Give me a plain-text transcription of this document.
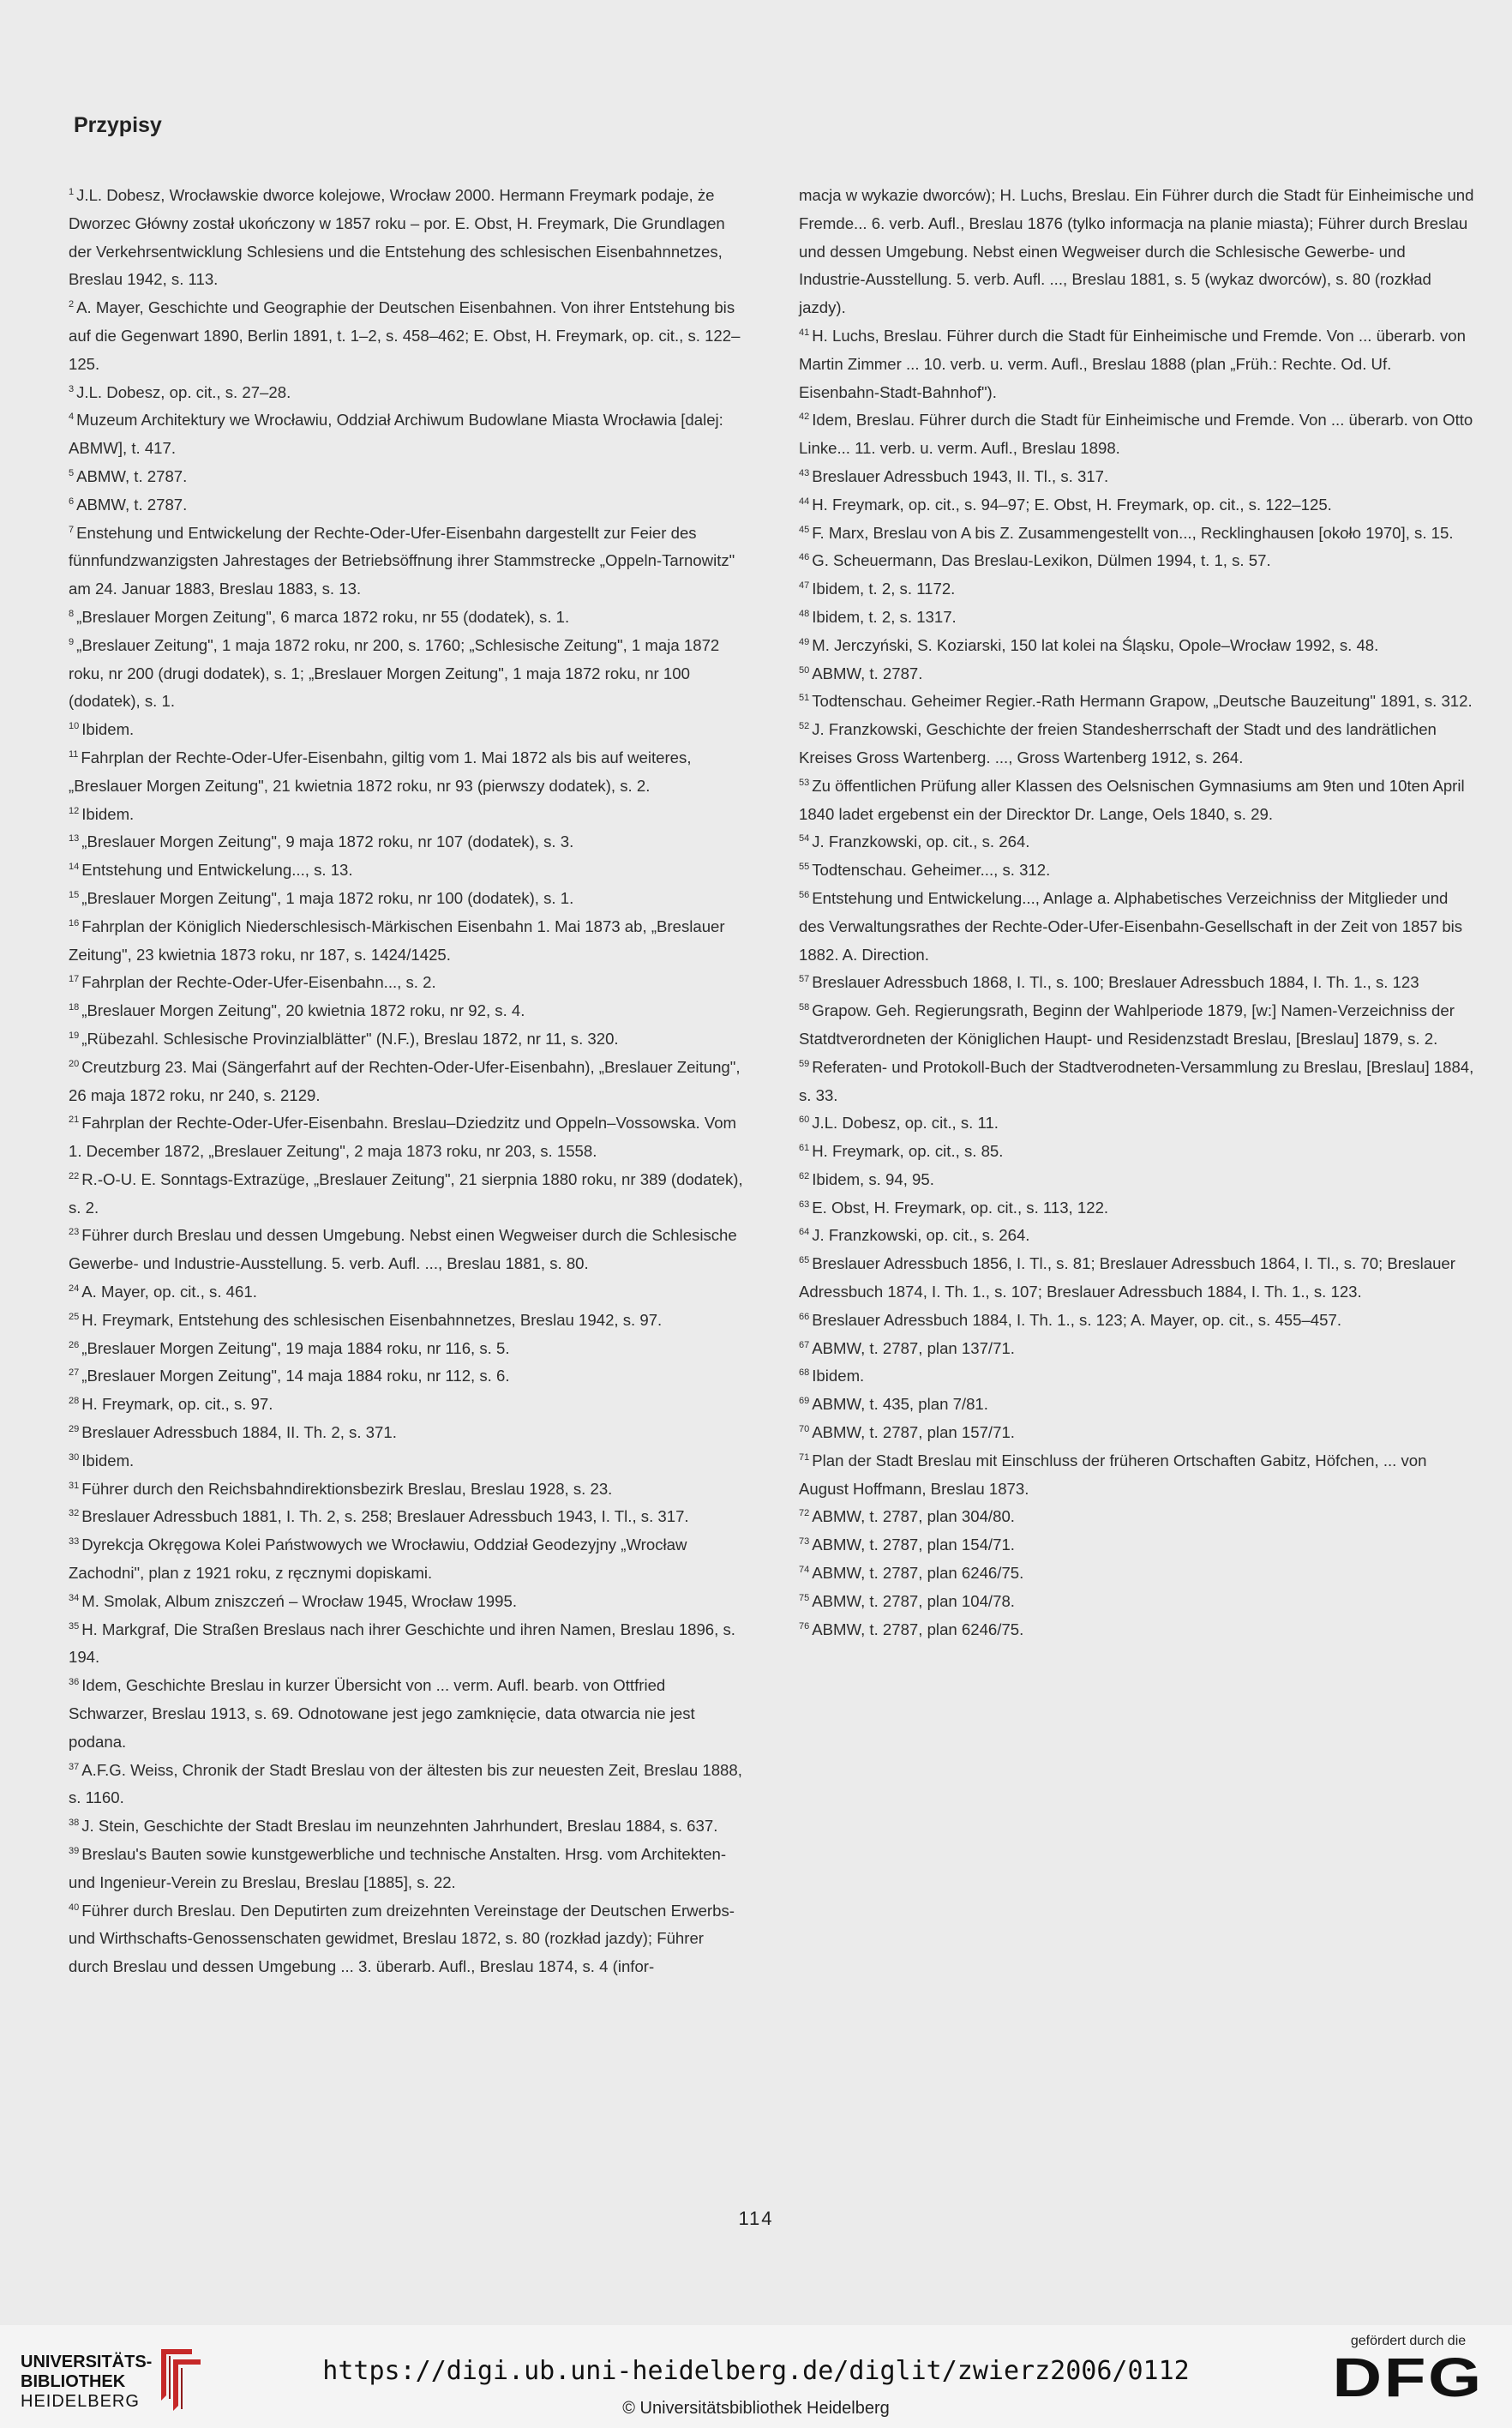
Przypisy

$^1$ J.L. Dobesz, Wrocławskie dworce kolejowe, Wrocław 2000. Hermann Freymark podaje, że Dworzec Główny został ukończony w 1857 roku – por. E. Obst, H. Freymark, Die Grundlagen der Verkehrsentwicklung Schlesiens und die Entstehung des schlesischen Eisenbahnnetzes, Breslau 1942, s. 113.

$^2$ A. Mayer, Geschichte und Geographie der Deutschen Eisenbahnen. Von ihrer Entstehung bis auf die Gegenwart 1890, Berlin 1891, t. 1–2, s. 458–462; E. Obst, H. Freymark, op. cit., s. 122–125.

$^3$ J.L. Dobesz, op. cit., s. 27–28.

$^4$ Muzeum Architektury we Wrocławiu, Oddział Archiwum Budowlane Miasta Wrocławia [dalej: ABMW], t. 417.

$^5$ ABMW, t. 2787.

$^6$ ABMW, t. 2787.

$^7$ Enstehung und Entwickelung der Rechte-Oder-Ufer-Eisenbahn dargestellt zur Feier des fünnfundzwanzigsten Jahrestages der Betriebsöffnung ihrer Stammstrecke „Oppeln-Tarnowitz" am 24. Januar 1883, Breslau 1883, s. 13.

$^8$ „Breslauer Morgen Zeitung", 6 marca 1872 roku, nr 55 (dodatek), s. 1.

$^9$ „Breslauer Zeitung", 1 maja 1872 roku, nr 200, s. 1760; „Schlesische Zeitung", 1 maja 1872 roku, nr 200 (drugi dodatek), s. 1; „Breslauer Morgen Zeitung", 1 maja 1872 roku, nr 100 (dodatek), s. 1.

$^{10}$ Ibidem.

$^{11}$ Fahrplan der Rechte-Oder-Ufer-Eisenbahn, giltig vom 1. Mai 1872 als bis auf weiteres, „Breslauer Morgen Zeitung", 21 kwietnia 1872 roku, nr 93 (pierwszy dodatek), s. 2.

$^{12}$ Ibidem.

$^{13}$ „Breslauer Morgen Zeitung", 9 maja 1872 roku, nr 107 (dodatek), s. 3.

$^{14}$ Entstehung und Entwickelung..., s. 13.

$^{15}$ „Breslauer Morgen Zeitung", 1 maja 1872 roku, nr 100 (dodatek), s. 1.

$^{16}$ Fahrplan der Königlich Niederschlesisch-Märkischen Eisenbahn 1. Mai 1873 ab, „Breslauer Zeitung", 23 kwietnia 1873 roku, nr 187, s. 1424/1425.

$^{17}$ Fahrplan der Rechte-Oder-Ufer-Eisenbahn..., s. 2.

$^{18}$ „Breslauer Morgen Zeitung", 20 kwietnia 1872 roku, nr 92, s. 4.

$^{19}$ „Rübezahl. Schlesische Provinzialblätter" (N.F.), Breslau 1872, nr 11, s. 320.

$^{20}$ Creutzburg 23. Mai (Sängerfahrt auf der Rechten-Oder-Ufer-Eisenbahn), „Breslauer Zeitung", 26 maja 1872 roku, nr 240, s. 2129.

$^{21}$ Fahrplan der Rechte-Oder-Ufer-Eisenbahn. Breslau–Dziedzitz und Oppeln–Vossowska. Vom 1. December 1872, „Breslauer Zeitung", 2 maja 1873 roku, nr 203, s. 1558.

$^{22}$ R.-O-U. E. Sonntags-Extrazüge, „Breslauer Zeitung", 21 sierpnia 1880 roku, nr 389 (dodatek), s. 2.

$^{23}$ Führer durch Breslau und dessen Umgebung. Nebst einen Wegweiser durch die Schlesische Gewerbe- und Industrie-Ausstellung. 5. verb. Aufl. ..., Breslau 1881, s. 80.

$^{24}$ A. Mayer, op. cit., s. 461.

$^{25}$ H. Freymark, Entstehung des schlesischen Eisenbahnnetzes, Breslau 1942, s. 97.

$^{26}$ „Breslauer Morgen Zeitung", 19 maja 1884 roku, nr 116, s. 5.

$^{27}$ „Breslauer Morgen Zeitung", 14 maja 1884 roku, nr 112, s. 6.

$^{28}$ H. Freymark, op. cit., s. 97.

$^{29}$ Breslauer Adressbuch 1884, II. Th. 2, s. 371.

$^{30}$ Ibidem.

$^{31}$ Führer durch den Reichsbahndirektionsbezirk Breslau, Breslau 1928, s. 23.

$^{32}$ Breslauer Adressbuch 1881, I. Th. 2, s. 258; Breslauer Adressbuch 1943, I. Tl., s. 317.

$^{33}$ Dyrekcja Okręgowa Kolei Państwowych we Wrocławiu, Oddział Geodezyjny „Wrocław Zachodni", plan z 1921 roku, z ręcznymi dopiskami.

$^{34}$ M. Smolak, Album zniszczeń – Wrocław 1945, Wrocław 1995.

$^{35}$ H. Markgraf, Die Straßen Breslaus nach ihrer Geschichte und ihren Namen, Breslau 1896, s. 194.

$^{36}$ Idem, Geschichte Breslau in kurzer Übersicht von ... verm. Aufl. bearb. von Ottfried Schwarzer, Breslau 1913, s. 69. Odnotowane jest jego zamknięcie, data otwarcia nie jest podana.

$^{37}$ A.F.G. Weiss, Chronik der Stadt Breslau von der ältesten bis zur neuesten Zeit, Breslau 1888, s. 1160.

$^{38}$ J. Stein, Geschichte der Stadt Breslau im neunzehnten Jahrhundert, Breslau 1884, s. 637.

$^{39}$ Breslau's Bauten sowie kunstgewerbliche und technische Anstalten. Hrsg. vom Architekten- und Ingenieur-Verein zu Breslau, Breslau [1885], s. 22.

$^{40}$ Führer durch Breslau. Den Deputirten zum dreizehnten Vereinstage der Deutschen Erwerbs- und Wirthschafts-Genossenschaten gewidmet, Breslau 1872, s. 80 (rozkład jazdy); Führer durch Breslau und dessen Umgebung ... 3. überarb. Aufl., Breslau 1874, s. 4 (infor-

macja w wykazie dworców); H. Luchs, Breslau. Ein Führer durch die Stadt für Einheimische und Fremde... 6. verb. Aufl., Breslau 1876 (tylko informacja na planie miasta); Führer durch Breslau und dessen Umgebung. Nebst einen Wegweiser durch die Schlesische Gewerbe- und Industrie-Ausstellung. 5. verb. Aufl. ..., Breslau 1881, s. 5 (wykaz dworców), s. 80 (rozkład jazdy).

$^{41}$ H. Luchs, Breslau. Führer durch die Stadt für Einheimische und Fremde. Von ... überarb. von Martin Zimmer ... 10. verb. u. verm. Aufl., Breslau 1888 (plan „Früh.: Rechte. Od. Uf. Eisenbahn-Stadt-Bahnhof").

$^{42}$ Idem, Breslau. Führer durch die Stadt für Einheimische und Fremde. Von ... überarb. von Otto Linke... 11. verb. u. verm. Aufl., Breslau 1898.

$^{43}$ Breslauer Adressbuch 1943, II. Tl., s. 317.

$^{44}$ H. Freymark, op. cit., s. 94–97; E. Obst, H. Freymark, op. cit., s. 122–125.

$^{45}$ F. Marx, Breslau von A bis Z. Zusammengestellt von..., Recklinghausen [około 1970], s. 15.

$^{46}$ G. Scheuermann, Das Breslau-Lexikon, Dülmen 1994, t. 1, s. 57.

$^{47}$ Ibidem, t. 2, s. 1172.

$^{48}$ Ibidem, t. 2, s. 1317.

$^{49}$ M. Jerczyński, S. Koziarski, 150 lat kolei na Śląsku, Opole–Wrocław 1992, s. 48.

$^{50}$ ABMW, t. 2787.

$^{51}$ Todtenschau. Geheimer Regier.-Rath Hermann Grapow, „Deutsche Bauzeitung" 1891, s. 312.

$^{52}$ J. Franzkowski, Geschichte der freien Standesherrschaft der Stadt und des landrätlichen Kreises Gross Wartenberg. ..., Gross Wartenberg 1912, s. 264.

$^{53}$ Zu öffentlichen Prüfung aller Klassen des Oelsnischen Gymnasiums am 9ten und 10ten April 1840 ladet ergebenst ein der Direcktor Dr. Lange, Oels 1840, s. 29.

$^{54}$ J. Franzkowski, op. cit., s. 264.

$^{55}$ Todtenschau. Geheimer..., s. 312.

$^{56}$ Entstehung und Entwickelung..., Anlage a. Alphabetisches Verzeichniss der Mitglieder und des Verwaltungsrathes der Rechte-Oder-Ufer-Eisenbahn-Gesellschaft in der Zeit von 1857 bis 1882. A. Direction.

$^{57}$ Breslauer Adressbuch 1868, I. Tl., s. 100; Breslauer Adressbuch 1884, I. Th. 1., s. 123

$^{58}$ Grapow. Geh. Regierungsrath, Beginn der Wahlperiode 1879, [w:] Namen-Verzeichniss der Statdtverordneten der Königlichen Haupt- und Residenzstadt Breslau, [Breslau] 1879, s. 2.

$^{59}$ Referaten- und Protokoll-Buch der Stadtverodneten-Versammlung zu Breslau, [Breslau] 1884, s. 33.

$^{60}$ J.L. Dobesz, op. cit., s. 11.

$^{61}$ H. Freymark, op. cit., s. 85.

$^{62}$ Ibidem, s. 94, 95.

$^{63}$ E. Obst, H. Freymark, op. cit., s. 113, 122.

$^{64}$ J. Franzkowski, op. cit., s. 264.

$^{65}$ Breslauer Adressbuch 1856, I. Tl., s. 81; Breslauer Adressbuch 1864, I. Tl., s. 70; Breslauer Adressbuch 1874, I. Th. 1., s. 107; Breslauer Adressbuch 1884, I. Th. 1., s. 123.

$^{66}$ Breslauer Adressbuch 1884, I. Th. 1., s. 123; A. Mayer, op. cit., s. 455–457.

$^{67}$ ABMW, t. 2787, plan 137/71.

$^{68}$ Ibidem.

$^{69}$ ABMW, t. 435, plan 7/81.

$^{70}$ ABMW, t. 2787, plan 157/71.

$^{71}$ Plan der Stadt Breslau mit Einschluss der früheren Ortschaften Gabitz, Höfchen, ... von August Hoffmann, Breslau 1873.

$^{72}$ ABMW, t. 2787, plan 304/80.

$^{73}$ ABMW, t. 2787, plan 154/71.

$^{74}$ ABMW, t. 2787, plan 6246/75.

$^{75}$ ABMW, t. 2787, plan 104/78.

$^{76}$ ABMW, t. 2787, plan 6246/75.

114
UNIVERSITÄTS-
BIBLIOTHEK
HEIDELBERG
https://digi.ub.uni-heidelberg.de/diglit/zwierz2006/0112
© Universitätsbibliothek Heidelberg
gefördert durch die
DFG
